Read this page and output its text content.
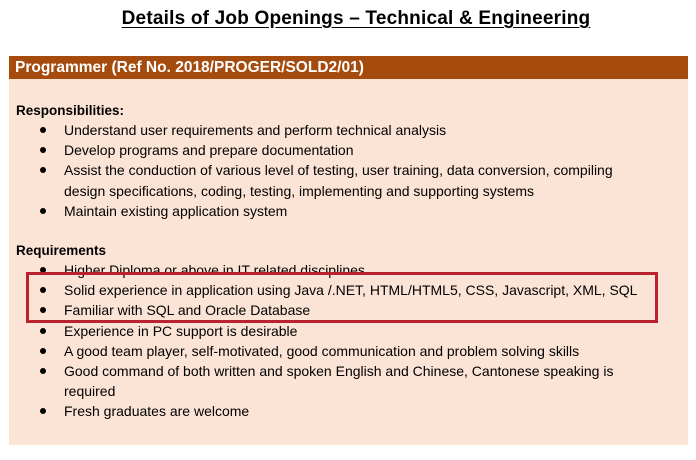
Details of Job Openings – Technical & Engineering
Programmer (Ref No. 2018/PROGER/SOLD2/01)
Responsibilities:
Understand user requirements and perform technical analysis
Develop programs and prepare documentation
Assist the conduction of various level of testing, user training, data conversion, compiling design specifications, coding, testing, implementing and supporting systems
Maintain existing application system
Requirements
Higher Diploma or above in IT related disciplines
Solid experience in application using Java /.NET, HTML/HTML5, CSS, Javascript, XML, SQL
Familiar with SQL and Oracle Database
Experience in PC support is desirable
A good team player, self-motivated, good communication and problem solving skills
Good command of both written and spoken English and Chinese, Cantonese speaking is required
Fresh graduates are welcome
